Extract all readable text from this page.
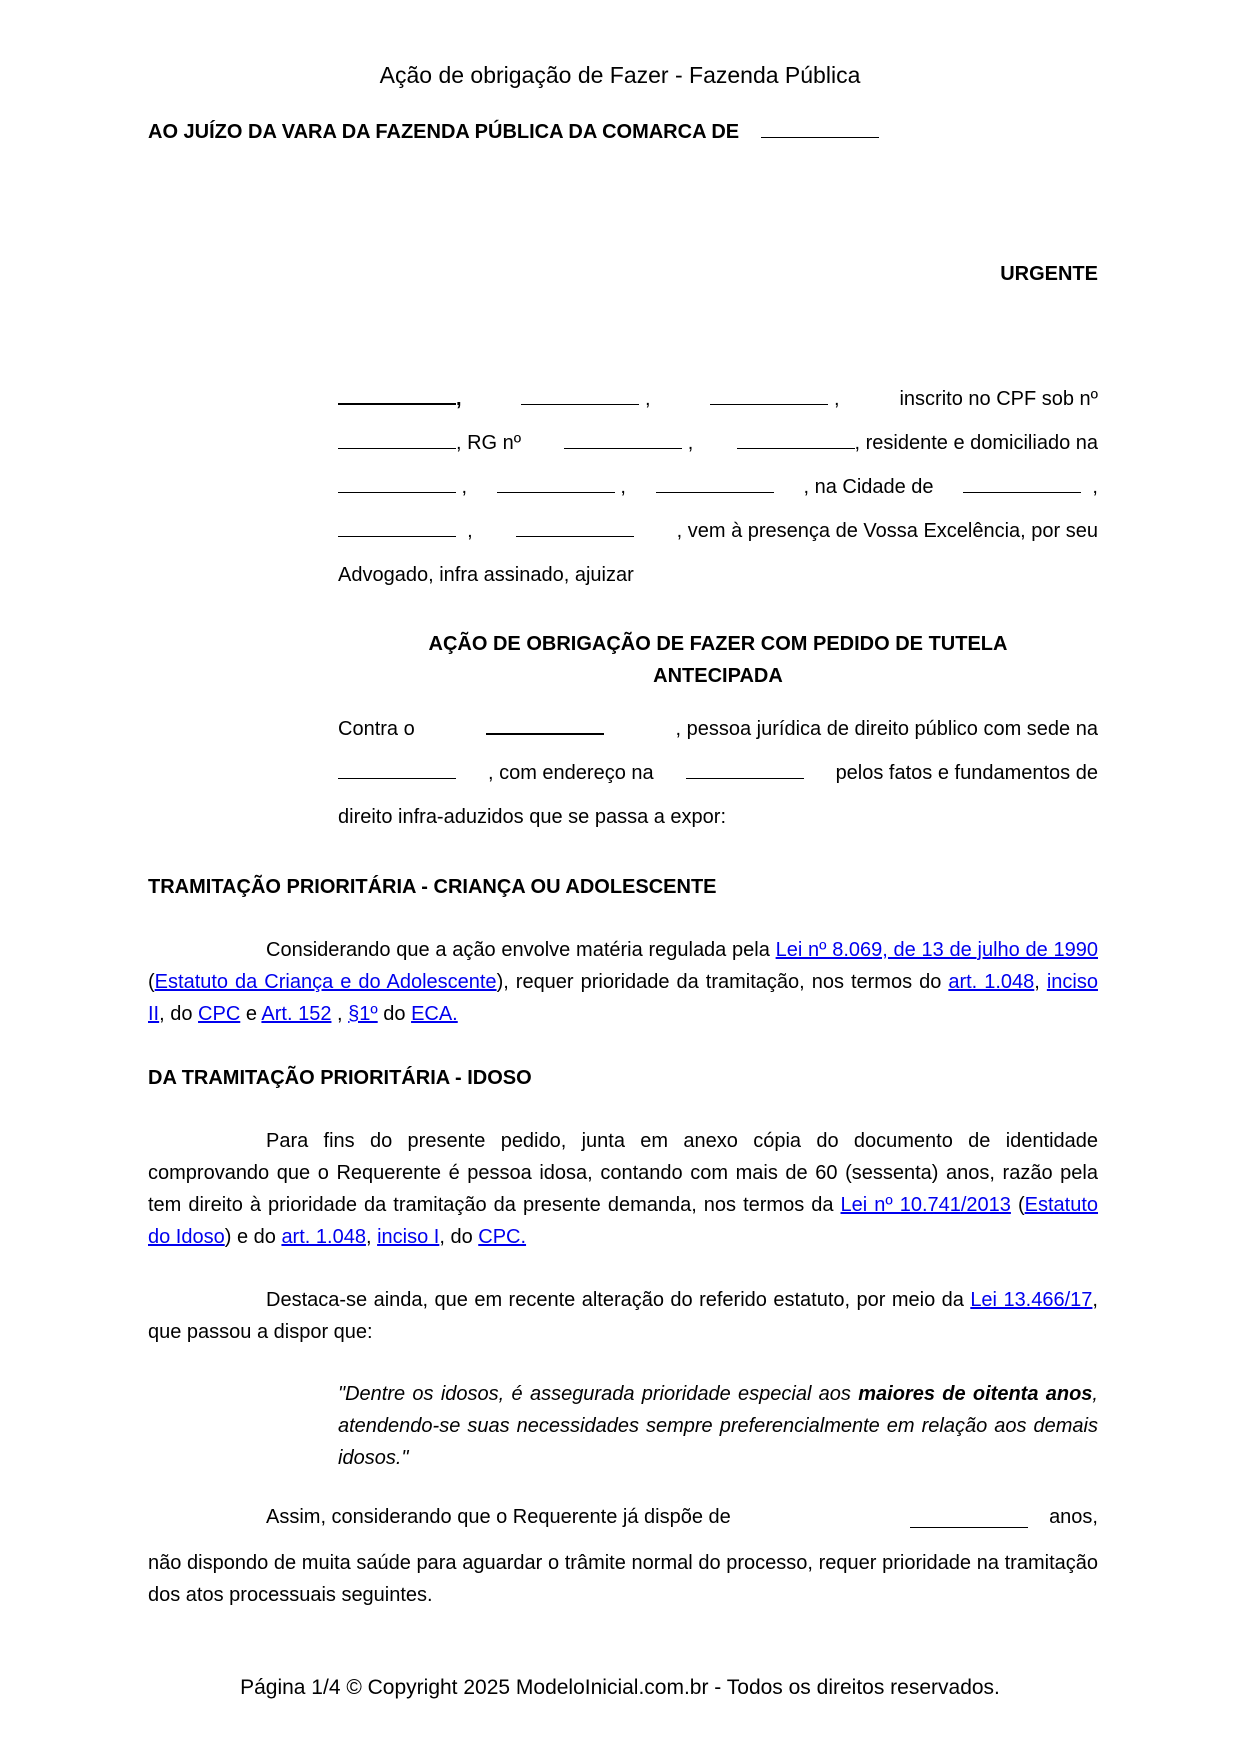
Ação de obrigação de Fazer - Fazenda Pública
AO JUÍZO DA VARA DA FAZENDA PÚBLICA DA COMARCA DE
URGENTE
,	,	,	inscrito no CPF sob nº
, RG nº	,	, residente e domiciliado na
,	,	, na Cidade de	,
,	, vem à presença de Vossa Excelência, por seu
Advogado, infra assinado, ajuizar
AÇÃO DE OBRIGAÇÃO DE FAZER COM PEDIDO DE TUTELA
ANTECIPADA
Contra o	, pessoa jurídica de direito público com sede na
, com endereço na	pelos fatos e fundamentos de
direito infra-aduzidos que se passa a expor:
TRAMITAÇÃO PRIORITÁRIA - CRIANÇA OU ADOLESCENTE
Considerando que a ação envolve matéria regulada pela Lei nº 8.069, de 13 de julho de 1990 (Estatuto da Criança e do Adolescente), requer prioridade da tramitação, nos termos do art. 1.048, inciso II, do CPC e Art. 152 , §1º do ECA.
DA TRAMITAÇÃO PRIORITÁRIA - IDOSO
Para fins do presente pedido, junta em anexo cópia do documento de identidade comprovando que o Requerente é pessoa idosa, contando com mais de 60 (sessenta) anos, razão pela tem direito à prioridade da tramitação da presente demanda, nos termos da Lei nº 10.741/2013 (Estatuto do Idoso) e do art. 1.048, inciso I, do CPC.
Destaca-se ainda, que em recente alteração do referido estatuto, por meio da Lei 13.466/17, que passou a dispor que:
"Dentre os idosos, é assegurada prioridade especial aos maiores de oitenta anos, atendendo-se suas necessidades sempre preferencialmente em relação aos demais idosos."
Assim, considerando que o Requerente já dispõe de	anos,
não dispondo de muita saúde para aguardar o trâmite normal do processo, requer prioridade na tramitação dos atos processuais seguintes.
Página 1/4 © Copyright 2025 ModeloInicial.com.br - Todos os direitos reservados.
